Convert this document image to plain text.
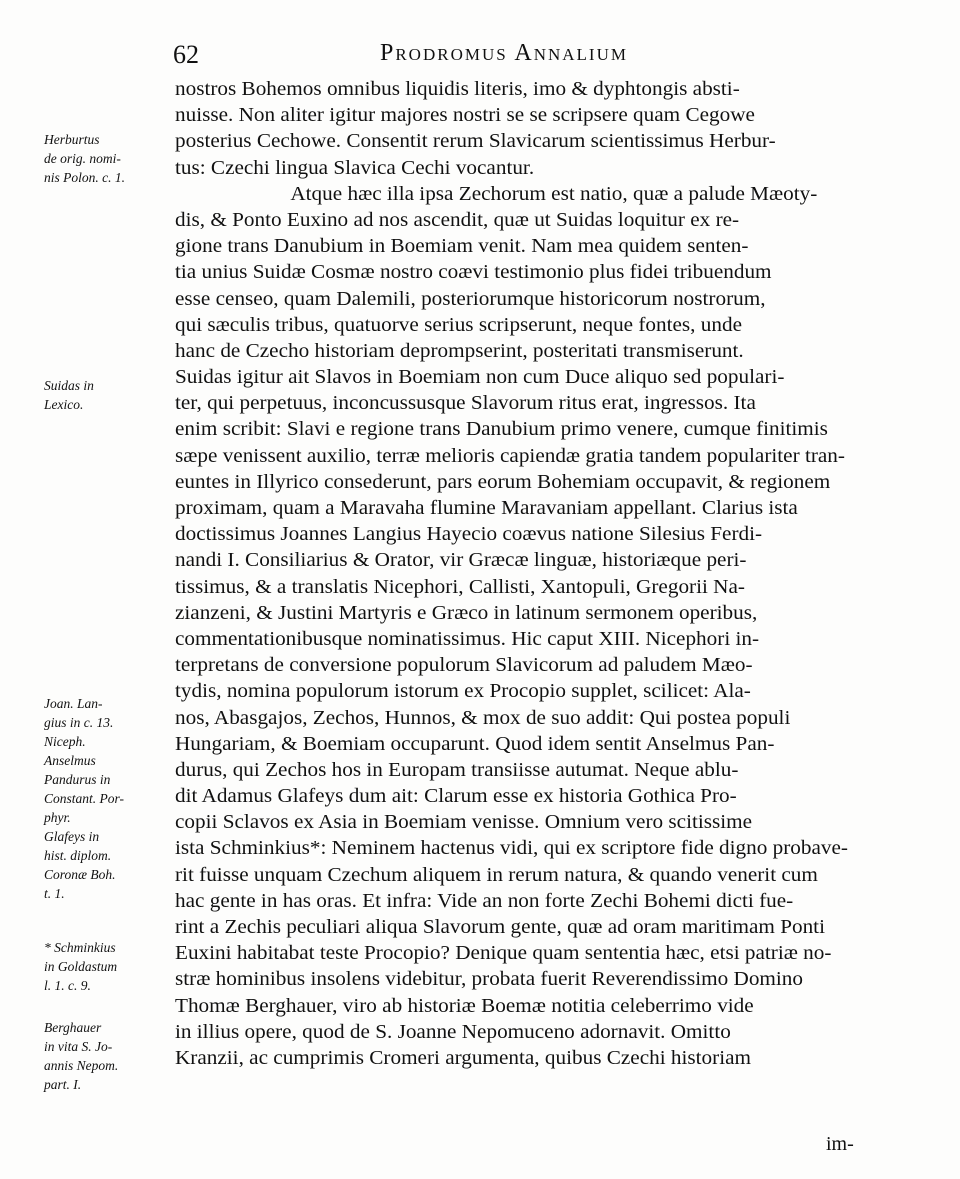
62	Prodromus Annalium
Herburtus
de orig. nomi-
nis Polon. c. 1.
Suidas in
Lexico.
Joan. Lan-
gius in c. 13.
Niceph.
Anselmus
Pandurus in
Constant. Por-
phyr.
Glafeys in
hist. diplom.
Coronæ Boh.
t. 1.
* Schminkius
in Goldastum
l. 1. c. 9.
Berghauer
in vita S. Jo-
annis Nepom.
part. I.
nostros Bohemos omnibus liquidis literis, imo & dyphtongis absti-
nuisse. Non aliter igitur majores nostri se se scripsere quam Cegowe
posterius Cechowe. Consentit rerum Slavicarum scientissimus Herbur-
tus: Czechi lingua Slavica Cechi vocantur.
Atque hæc illa ipsa Zechorum est natio, quæ a palude Mæoty-
dis, & Ponto Euxino ad nos ascendit, quæ ut Suidas loquitur ex re-
gione trans Danubium in Boemiam venit. Nam mea quidem senten-
tia unius Suidæ Cosmæ nostro coævi testimonio plus fidei tribuendum
esse censeo, quam Dalemili, posteriorumque historicorum nostrorum,
qui sæculis tribus, quatuorve serius scripserunt, neque fontes, unde
hanc de Czecho historiam deprompserint, posteritati transmiserunt.
Suidas igitur ait Slavos in Boemiam non cum Duce aliquo sed populari-
ter, qui perpetuus, inconcussusque Slavorum ritus erat, ingressos. Ita
enim scribit: Slavi e regione trans Danubium primo venere, cumque finitimis
sæpe venissent auxilio, terræ melioris capiendæ gratia tandem populariter tran-
euntes in Illyrico consederunt, pars eorum Bohemiam occupavit, & regionem
proximam, quam a Maravaha flumine Maravaniam appellant. Clarius ista
doctissimus Joannes Langius Hayecio coævus natione Silesius Ferdi-
nandi I. Consiliarius & Orator, vir Græcæ linguæ, historiæque peri-
tissimus, & a translatis Nicephori, Callisti, Xantopuli, Gregorii Na-
zianzeni, & Justini Martyris e Græco in latinum sermonem operibus,
commentationibusque nominatissimus. Hic caput XIII. Nicephori in-
terpretans de conversione populorum Slavicorum ad paludem Mæo-
tydis, nomina populorum istorum ex Procopio supplet, scilicet: Ala-
nos, Abasgajos, Zechos, Hunnos, & mox de suo addit: Qui postea populi
Hungariam, & Boemiam occuparunt. Quod idem sentit Anselmus Pan-
durus, qui Zechos hos in Europam transiisse autumat. Neque ablu-
dit Adamus Glafeys dum ait: Clarum esse ex historia Gothica Pro-
copii Sclavos ex Asia in Boemiam venisse. Omnium vero scitissime
ista Schminkius*: Neminem hactenus vidi, qui ex scriptore fide digno probave-
rit fuisse unquam Czechum aliquem in rerum natura, & quando venerit cum
hac gente in has oras. Et infra: Vide an non forte Zechi Bohemi dicti fue-
rint a Zechis peculiari aliqua Slavorum gente, quæ ad oram maritimam Ponti
Euxini habitabat teste Procopio? Denique quam sententia hæc, etsi patriæ no-
stræ hominibus insolens videbitur, probata fuerit Reverendissimo Domino
Thomæ Berghauer, viro ab historiæ Boemæ notitia celeberrimo vide
in illius opere, quod de S. Joanne Nepomuceno adornavit. Omitto
Kranzii, ac cumprimis Cromeri argumenta, quibus Czechi historiam
im-
